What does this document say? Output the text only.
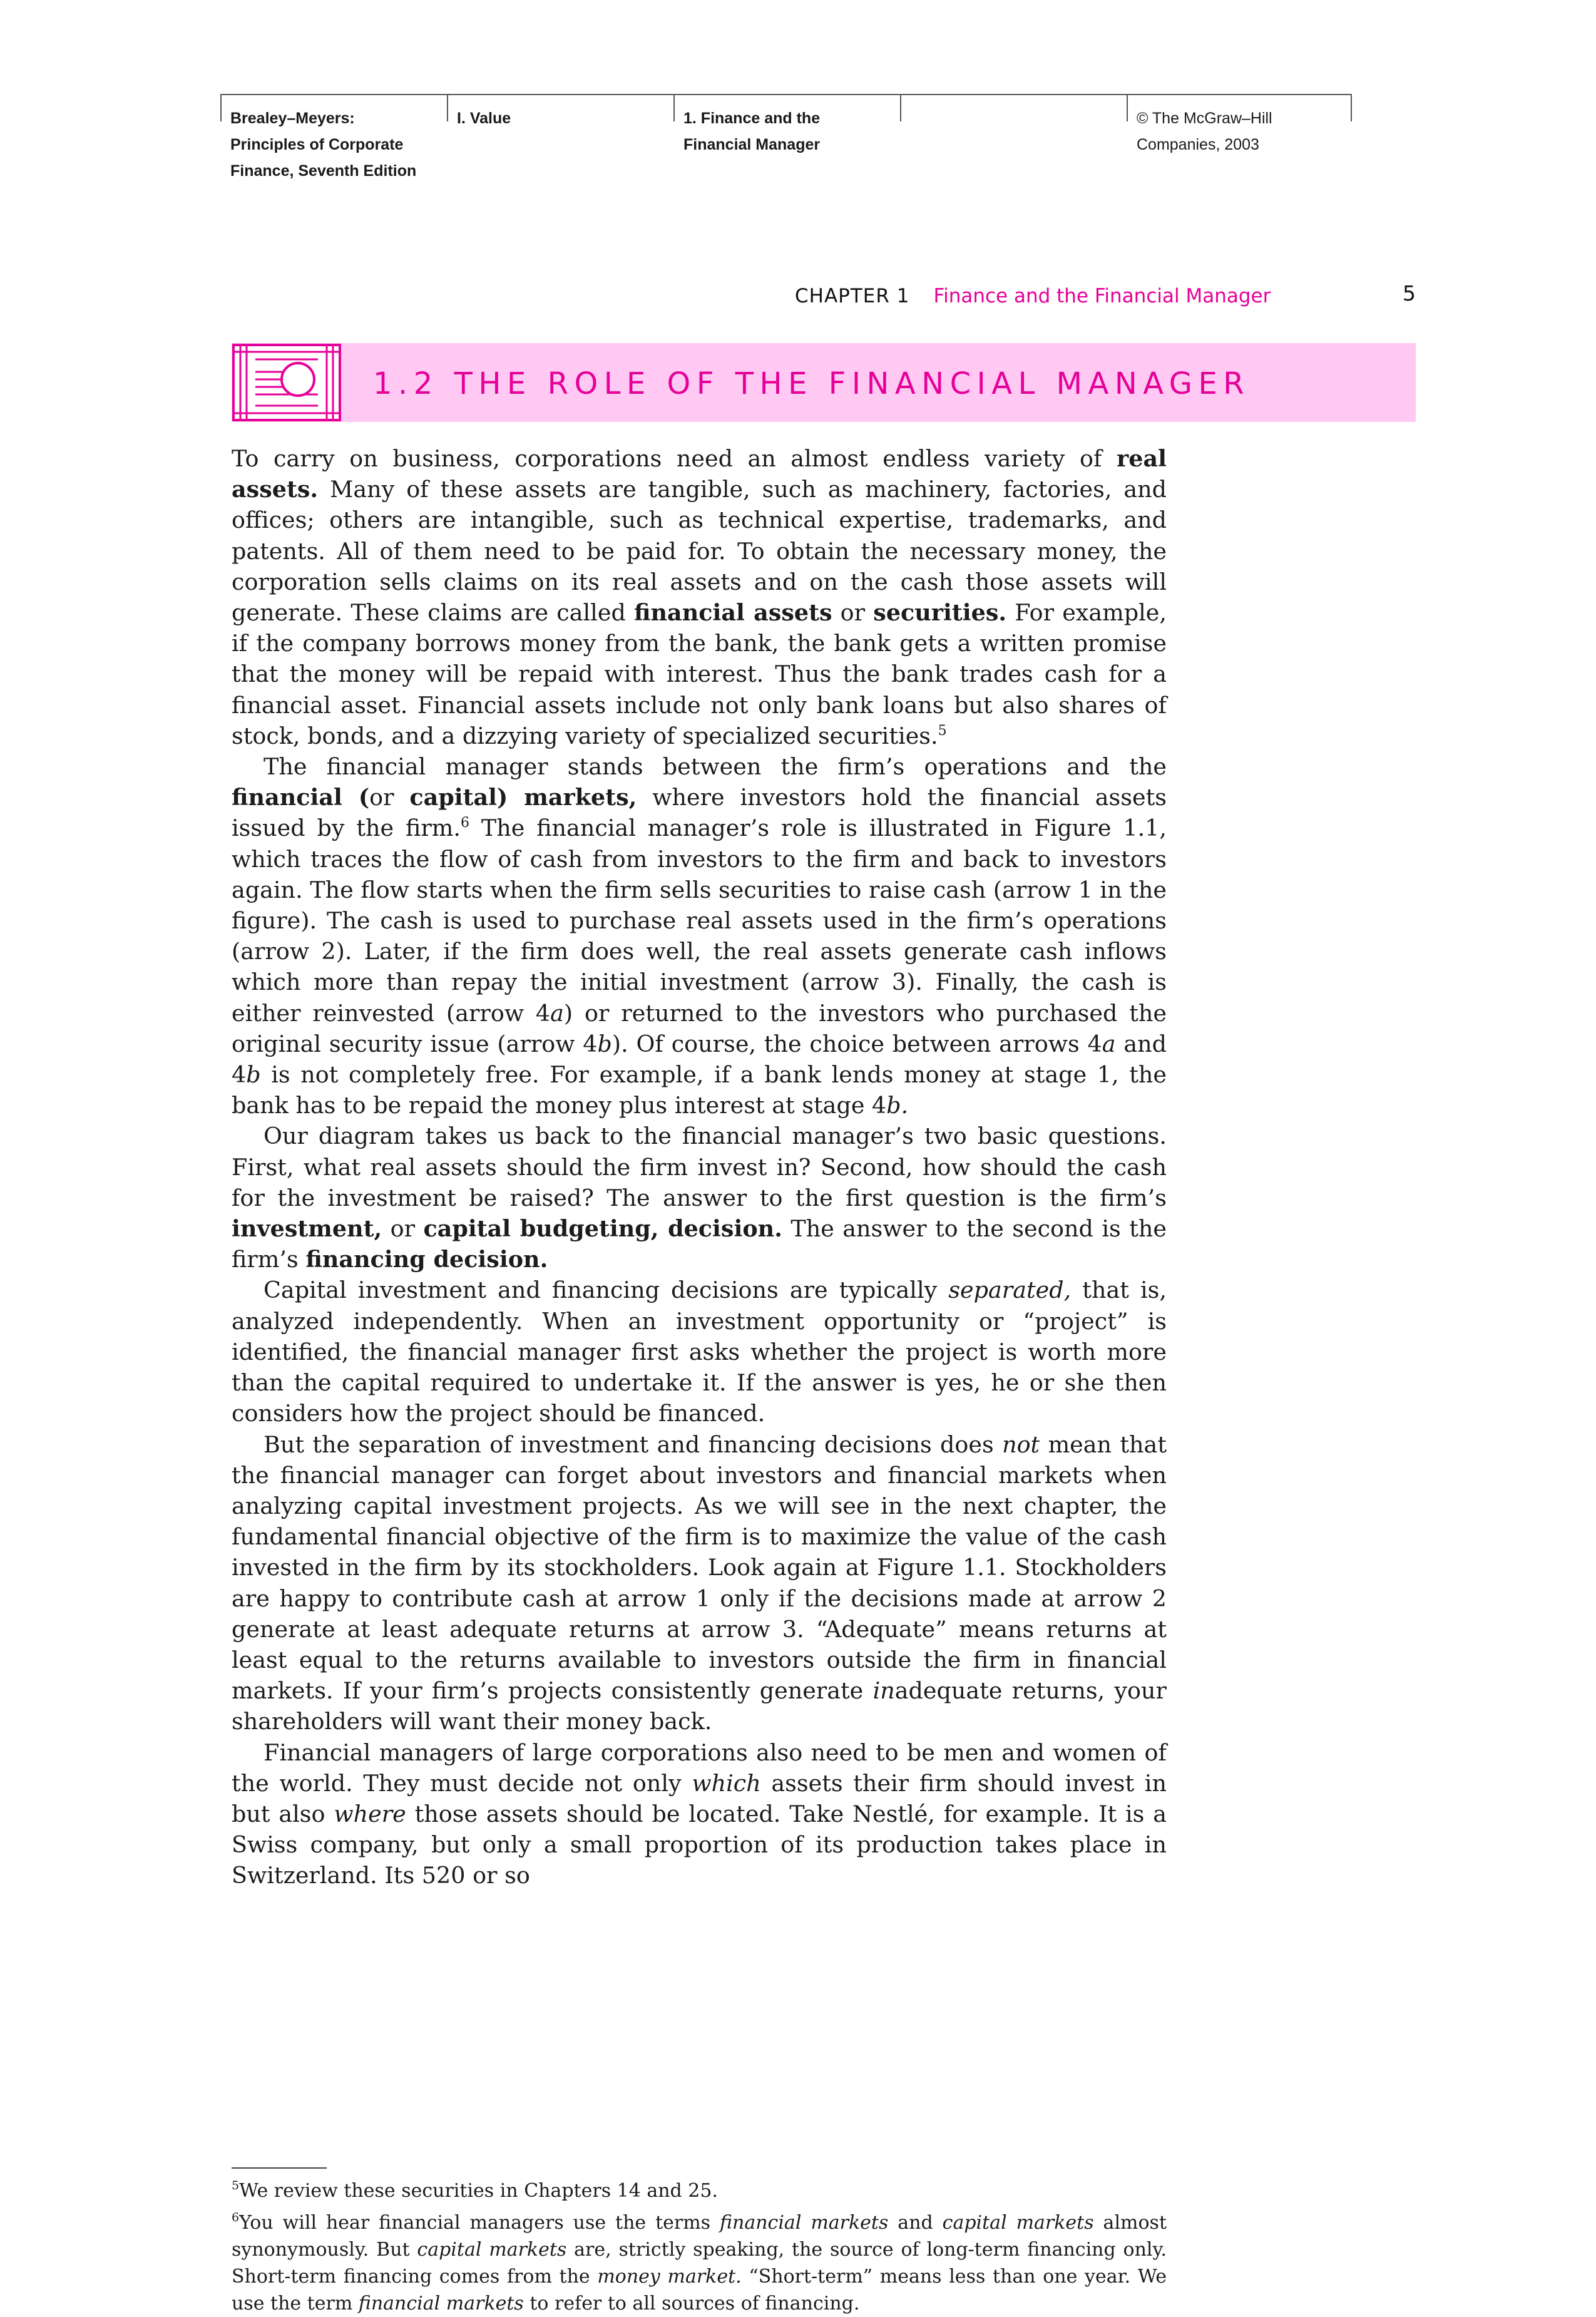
Brealey–Meyers:
Principles of Corporate
Finance, Seventh Edition
I. Value	1. Finance and the
Financial Manager
© The McGraw–Hill
Companies, 2003
CHAPTER 1 Finance and the Financial Manager	5
1.2 THE ROLE OF THE FINANCIAL MANAGER

To carry on business, corporations need an almost endless variety of real assets. Many of these assets are tangible, such as machinery, factories, and offices; others are intangible, such as technical expertise, trademarks, and patents. All of them need to be paid for. To obtain the necessary money, the corporation sells claims on its real assets and on the cash those assets will generate. These claims are called financial assets or securities. For example, if the company borrows money from the bank, the bank gets a written promise that the money will be repaid with interest. Thus the bank trades cash for a financial asset. Financial assets include not only bank loans but also shares of stock, bonds, and a dizzying variety of specialized securities.$^5$

The financial manager stands between the firm’s operations and the financial (or capital) markets, where investors hold the financial assets issued by the firm.$^6$ The financial manager’s role is illustrated in Figure 1.1, which traces the flow of cash from investors to the firm and back to investors again. The flow starts when the firm sells securities to raise cash (arrow 1 in the figure). The cash is used to purchase real assets used in the firm’s operations (arrow 2). Later, if the firm does well, the real assets generate cash inflows which more than repay the initial investment (arrow 3). Finally, the cash is either reinvested (arrow 4a) or returned to the investors who purchased the original security issue (arrow 4b). Of course, the choice between arrows 4a and 4b is not completely free. For example, if a bank lends money at stage 1, the bank has to be repaid the money plus interest at stage 4b.

Our diagram takes us back to the financial manager’s two basic questions. First, what real assets should the firm invest in? Second, how should the cash for the investment be raised? The answer to the first question is the firm’s investment, or capital budgeting, decision. The answer to the second is the firm’s financing decision.

Capital investment and financing decisions are typically separated, that is, analyzed independently. When an investment opportunity or “project” is identified, the financial manager first asks whether the project is worth more than the capital required to undertake it. If the answer is yes, he or she then considers how the project should be financed.

But the separation of investment and financing decisions does not mean that the financial manager can forget about investors and financial markets when analyzing capital investment projects. As we will see in the next chapter, the fundamental financial objective of the firm is to maximize the value of the cash invested in the firm by its stockholders. Look again at Figure 1.1. Stockholders are happy to contribute cash at arrow 1 only if the decisions made at arrow 2 generate at least adequate returns at arrow 3. “Adequate” means returns at least equal to the returns available to investors outside the firm in financial markets. If your firm’s projects consistently generate inadequate returns, your shareholders will want their money back.

Financial managers of large corporations also need to be men and women of the world. They must decide not only which assets their firm should invest in but also where those assets should be located. Take Nestlé, for example. It is a Swiss company, but only a small proportion of its production takes place in Switzerland. Its 520 or so

$^5$We review these securities in Chapters 14 and 25.

$^6$You will hear financial managers use the terms financial markets and capital markets almost synonymously. But capital markets are, strictly speaking, the source of long-term financing only. Short-term financing comes from the money market. “Short-term” means less than one year. We use the term financial markets to refer to all sources of financing.
